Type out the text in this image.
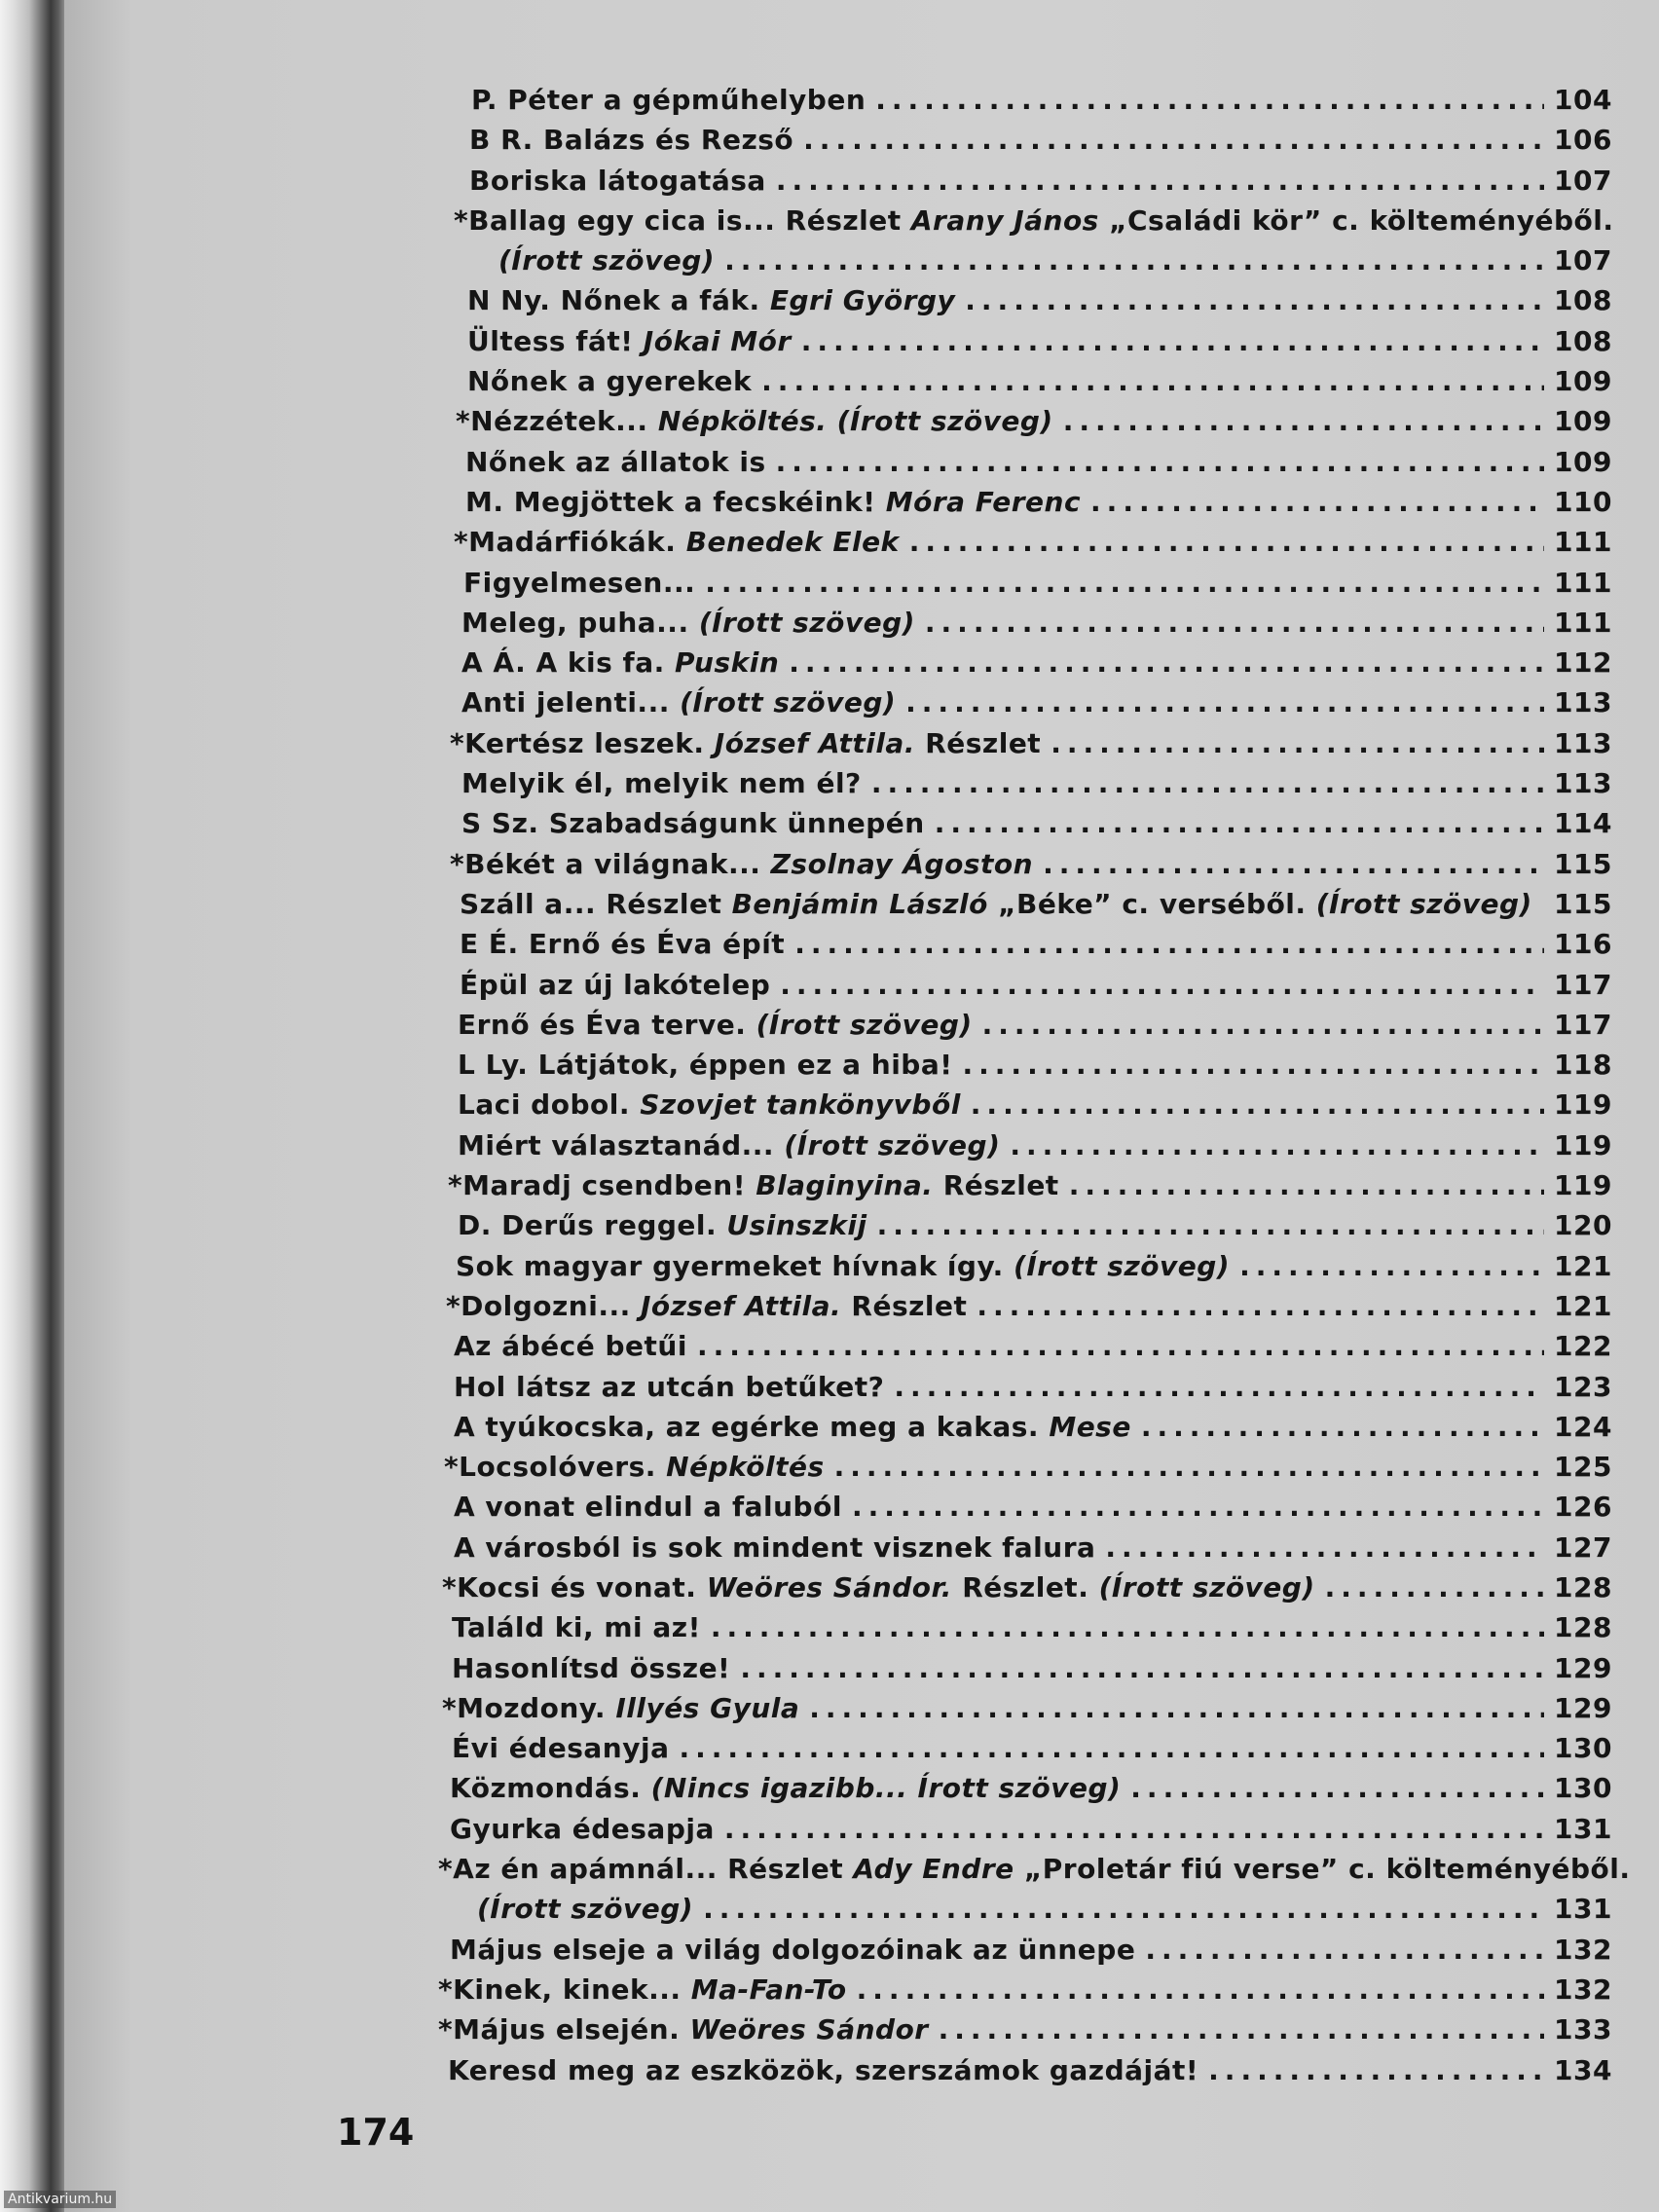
P. Péter a gépműhelyben .....	104
B R. Balázs és Rezső .....	106
Boriska látogatása .....	107
*Ballag egy cica is... Részlet Arany János „Családi kör” c. költeményéből.
(Írott szöveg) .....	107
N Ny. Nőnek a fák. Egri György .....	108
Ültess fát! Jókai Mór .....	108
Nőnek a gyerekek .....	109
*Nézzétek... Népköltés. (Írott szöveg) .....	109
Nőnek az állatok is .....	109
M. Megjöttek a fecskéink! Móra Ferenc .....	110
*Madárfiókák. Benedek Elek .....	111
Figyelmesen... .....	111
Meleg, puha... (Írott szöveg) .....	111
A Á. A kis fa. Puskin .....	112
Anti jelenti... (Írott szöveg) .....	113
*Kertész leszek. József Attila. Részlet .....	113
Melyik él, melyik nem él? .....	113
S Sz. Szabadságunk ünnepén .....	114
*Békét a világnak... Zsolnay Ágoston .....	115
Száll a... Részlet Benjámin László „Béke” c. verséből. (Írott szöveg) ..... 115
E É. Ernő és Éva épít .....	116
Épül az új lakótelep .....	117
Ernő és Éva terve. (Írott szöveg) .....	117
L Ly. Látjátok, éppen ez a hiba! .....	118
Laci dobol. Szovjet tankönyvből .....	119
Miért választanád... (Írott szöveg) .....	119
*Maradj csendben! Blaginyina. Részlet .....	119
D. Derűs reggel. Usinszkij .....	120
Sok magyar gyermeket hívnak így. (Írott szöveg) .....	121
*Dolgozni... József Attila. Részlet .....	121
Az ábécé betűi .....	122
Hol látsz az utcán betűket? .....	123
A tyúkocska, az egérke meg a kakas. Mese .....	124
*Locsolóvers. Népköltés .....	125
A vonat elindul a faluból .....	126
A városból is sok mindent visznek falura .....	127
*Kocsi és vonat. Weöres Sándor. Részlet. (Írott szöveg) .....	128
Találd ki, mi az! .....	128
Hasonlítsd össze! .....	129
*Mozdony. Illyés Gyula .....	129
Évi édesanyja .....	130
Közmondás. (Nincs igazibb... Írott szöveg) .....	130
Gyurka édesapja .....	131
*Az én apámnál... Részlet Ady Endre „Proletár fiú verse” c. költeményéből.
(Írott szöveg) .....	131
Május elseje a világ dolgozóinak az ünnepe .....	132
*Kinek, kinek... Ma-Fan-To .....	132
*Május elsején. Weöres Sándor .....	133
Keresd meg az eszközök, szerszámok gazdáját! .....	134
174
Antikvarium.hu
